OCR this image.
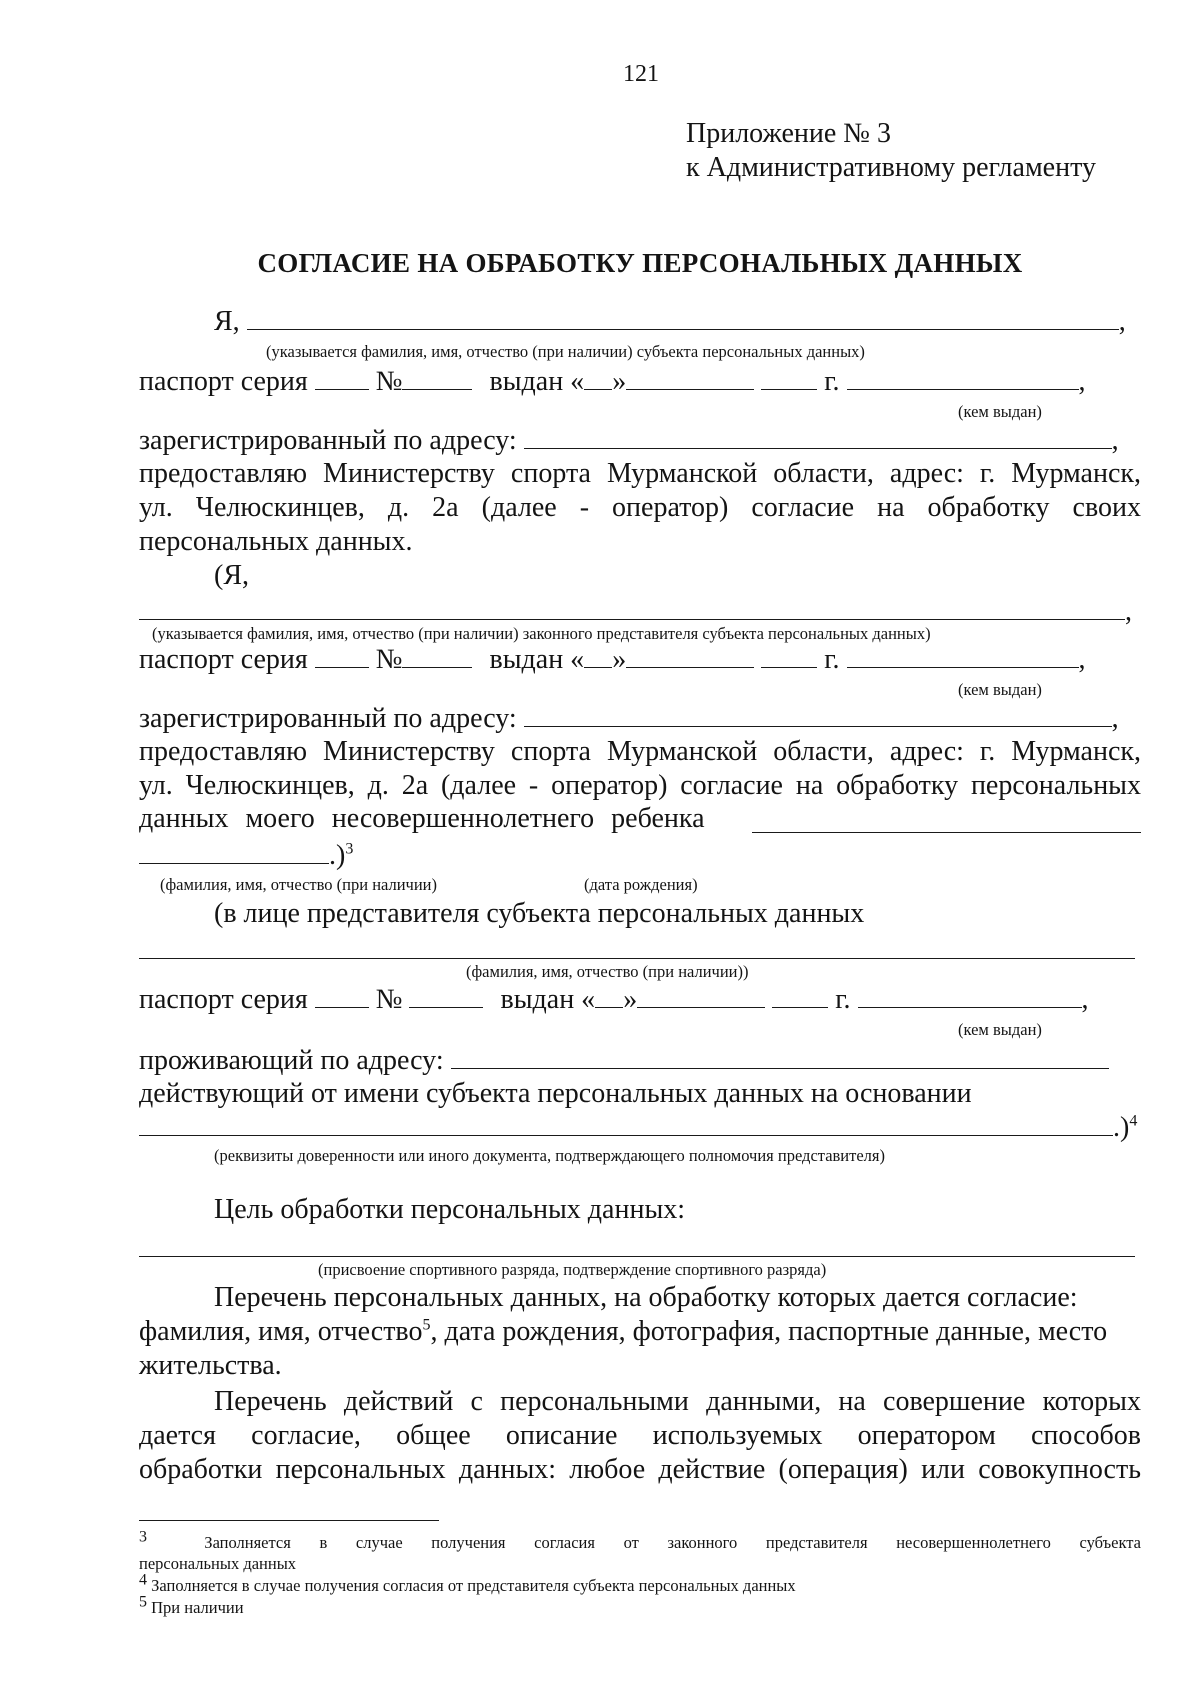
121
Приложение № 3
к Административному регламенту
СОГЛАСИЕ НА ОБРАБОТКУ ПЕРСОНАЛЬНЫХ ДАННЫХ
Я,	,
(указывается фамилия, имя, отчество (при наличии) субъекта персональных данных)
паспорт серия №	выдан « »	г.	,
(кем выдан)
зарегистрированный по адресу:	,
предоставляю Министерству спорта Мурманской области, адрес: г. Мурманск,
ул. Челюскинцев, д. 2а (далее - оператор) согласие на обработку своих
персональных данных.
(Я,
,
(указывается фамилия, имя, отчество (при наличии) законного представителя субъекта персональных данных)
паспорт серия №	выдан « »	г.	,
(кем выдан)
зарегистрированный по адресу:	,
предоставляю Министерству спорта Мурманской области, адрес: г. Мурманск,
ул. Челюскинцев, д. 2а (далее - оператор) согласие на обработку персональных
данных моего несовершеннолетнего ребенка
.)$^3$
(фамилия, имя, отчество (при наличии)	(дата рождения)
(в лице представителя субъекта персональных данных
(фамилия, имя, отчество (при наличии))
паспорт серия №	выдан « »	г.	,
(кем выдан)
проживающий по адресу:
действующий от имени субъекта персональных данных на основании
.)$^4$
(реквизиты доверенности или иного документа, подтверждающего полномочия представителя)
Цель обработки персональных данных:
(присвоение спортивного разряда, подтверждение спортивного разряда)
Перечень персональных данных, на обработку которых дается согласие:
фамилия, имя, отчество$^5$, дата рождения, фотография, паспортные данные, место
жительства.
Перечень действий с персональными данными, на совершение которых
дается согласие, общее описание используемых оператором способов
обработки персональных данных: любое действие (операция) или совокупность
$^3$	Заполняется в случае получения согласия от законного представителя несовершеннолетнего субъекта
персональных данных
$^4$ Заполняется в случае получения согласия от представителя субъекта персональных данных
$^5$ При наличии
